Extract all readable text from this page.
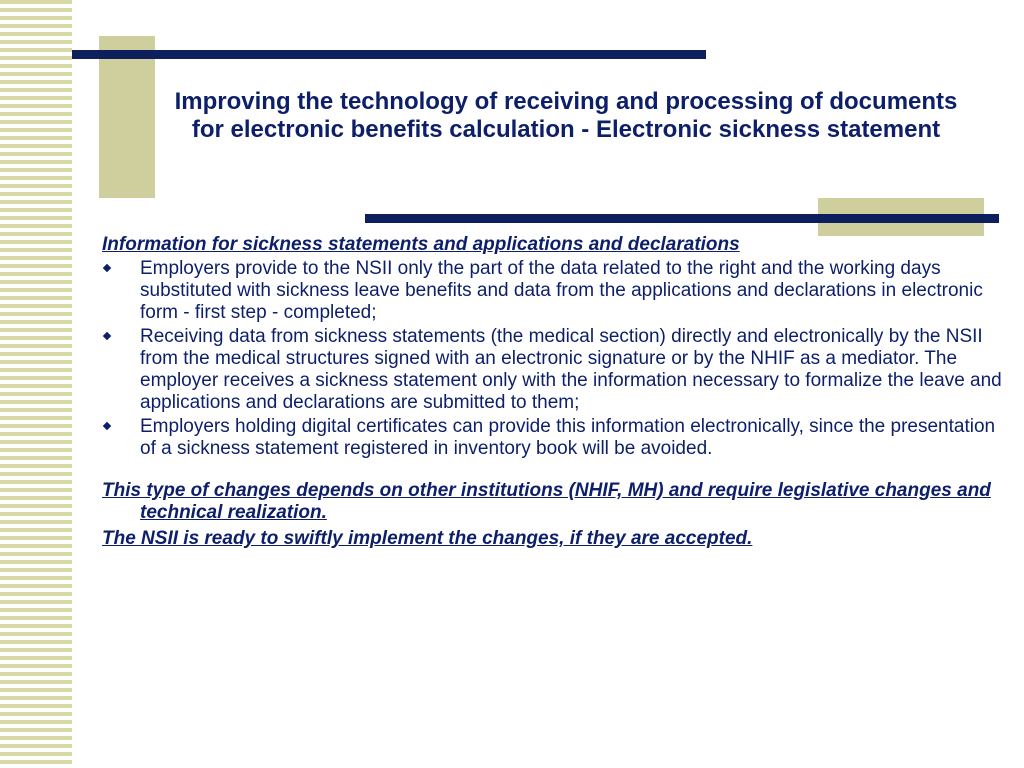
Improving the technology of receiving and processing of documents for electronic benefits calculation - Electronic sickness statement
Information for sickness statements and applications and declarations
Employers provide to the NSII only the part of the data related to the right and the working days substituted with sickness leave benefits and data from the applications and declarations in electronic form - first step - completed;
Receiving data from sickness statements (the medical section) directly and electronically by the NSII from the medical structures signed with an electronic signature or by the NHIF as a mediator. The employer receives a sickness statement only with the information necessary to formalize the leave and applications and declarations are submitted to them;
Employers holding digital certificates can provide this information electronically, since the presentation of a sickness statement registered in inventory book will be avoided.
This type of changes depends on other institutions (NHIF, MH) and require legislative changes and technical realization.
The NSII is ready to swiftly implement the changes, if they are accepted.
